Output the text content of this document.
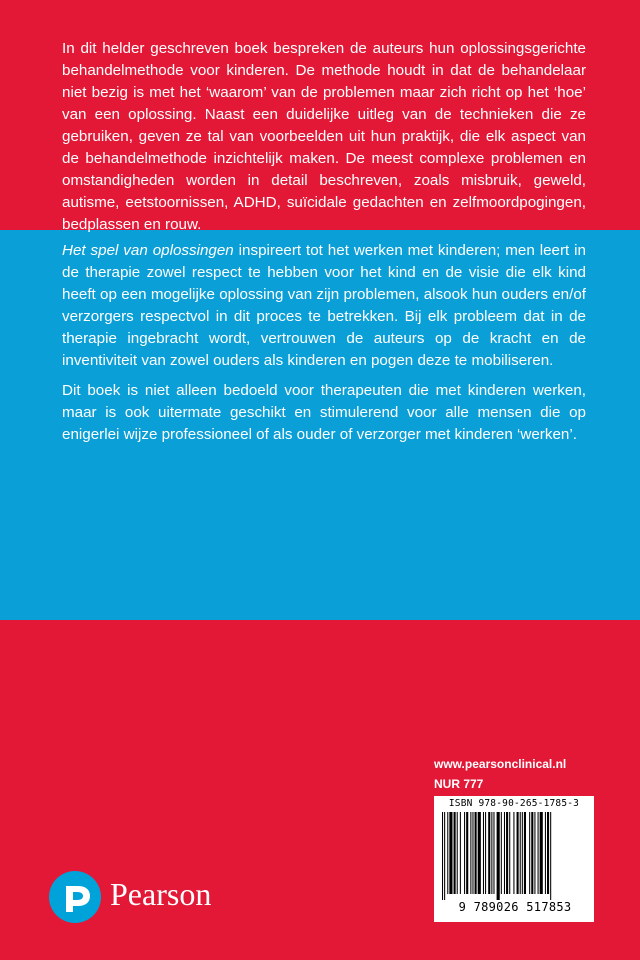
In dit helder geschreven boek bespreken de auteurs hun oplossingsgerichte behandelmethode voor kinderen. De methode houdt in dat de behandelaar niet bezig is met het ‘waarom’ van de problemen maar zich richt op het ‘hoe’ van een oplossing. Naast een duidelijke uitleg van de technieken die ze gebruiken, geven ze tal van voorbeelden uit hun praktijk, die elk aspect van de behandelmethode inzichtelijk maken. De meest complexe problemen en omstandigheden worden in detail beschreven, zoals misbruik, geweld, autisme, eetstoornissen, ADHD, suïcidale gedachten en zelfmoordpogingen, bedplassen en rouw.

Het spel van oplossingen inspireert tot het werken met kinderen; men leert in de therapie zowel respect te hebben voor het kind en de visie die elk kind heeft op een mogelijke oplossing van zijn problemen, alsook hun ouders en/of verzorgers respectvol in dit proces te betrekken. Bij elk probleem dat in de therapie ingebracht wordt, vertrouwen de auteurs op de kracht en de inventiviteit van zowel ouders als kinderen en pogen deze te mobiliseren.

Dit boek is niet alleen bedoeld voor therapeuten die met kinderen werken, maar is ook uitermate geschikt en stimulerend voor alle mensen die op enigerlei wijze professioneel of als ouder of verzorger met kinderen ‘werken’.

www.pearsonclinical.nl
NUR 777
ISBN 978-90-265-1785-3
9 789026 517853
Pearson
